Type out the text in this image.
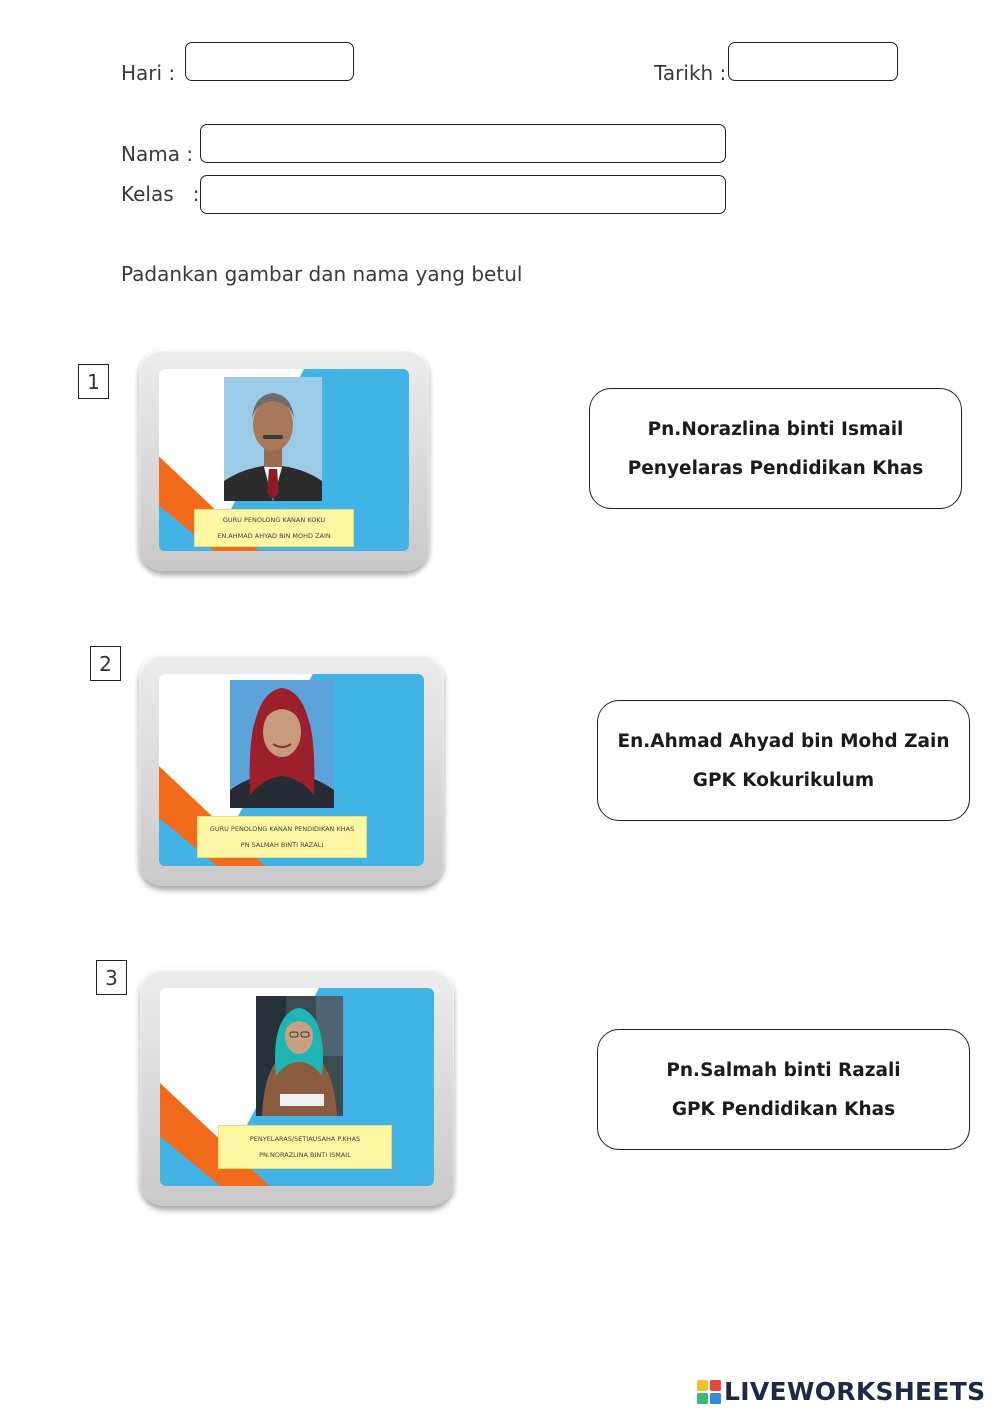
Hari :	Tarikh :
Nama :
Kelas   :
Padankan gambar dan nama yang betul
1
GURU PENOLONG KANAN KOKU
EN.AHMAD AHYAD BIN MOHD ZAIN
2
GURU PENOLONG KANAN PENDIDIKAN KHAS
PN SALMAH BINTI RAZALI
3
PENYELARAS/SETIAUSAHA P.KHAS
PN.NORAZLINA BINTI ISMAIL
Pn.Norazlina binti Ismail
Penyelaras Pendidikan Khas
En.Ahmad Ahyad bin Mohd Zain
GPK Kokurikulum
Pn.Salmah binti Razali
GPK Pendidikan Khas
LIVEWORKSHEETS
